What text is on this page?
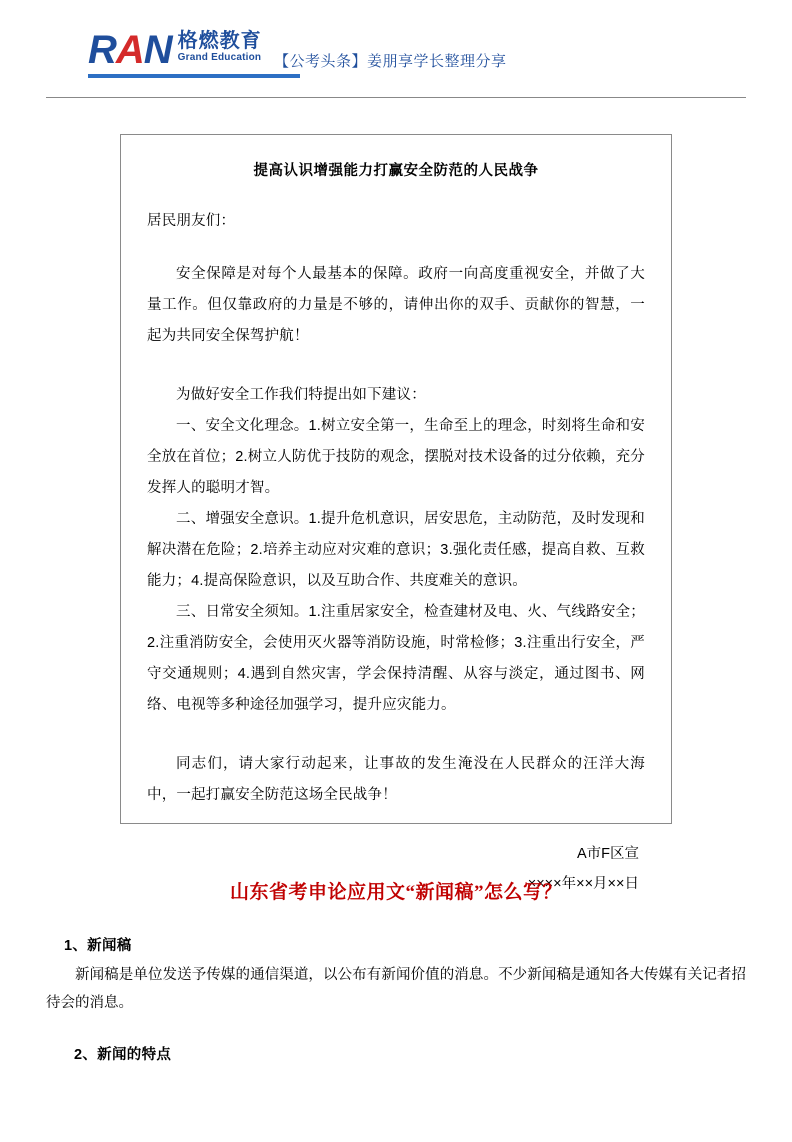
RAN 格燃教育
Grand Education 【公考头条】姜朋享学长整理分享
提高认识增强能力打赢安全防范的人民战争

居民朋友们：

安全保障是对每个人最基本的保障。政府一向高度重视安全，并做了大量工作。但仅靠政府的力量是不够的，请伸出你的双手、贡献你的智慧，一起为共同安全保驾护航！

为做好安全工作我们特提出如下建议：

一、安全文化理念。1.树立安全第一，生命至上的理念，时刻将生命和安全放在首位；2.树立人防优于技防的观念，摆脱对技术设备的过分依赖，充分发挥人的聪明才智。

二、增强安全意识。1.提升危机意识，居安思危，主动防范，及时发现和解决潜在危险；2.培养主动应对灾难的意识；3.强化责任感，提高自救、互救能力；4.提高保险意识，以及互助合作、共度难关的意识。

三、日常安全须知。1.注重居家安全，检查建材及电、火、气线路安全；2.注重消防安全，会使用灭火器等消防设施，时常检修；3.注重出行安全，严守交通规则；4.遇到自然灾害，学会保持清醒、从容与淡定，通过图书、网络、电视等多种途径加强学习，提升应灾能力。

同志们，请大家行动起来，让事故的发生淹没在人民群众的汪洋大海中，一起打赢安全防范这场全民战争！

A市F区宣
××××年××月××日
山东省考申论应用文“新闻稿”怎么写？
1、新闻稿

新闻稿是单位发送予传媒的通信渠道，以公布有新闻价值的消息。不少新闻稿是通知各大传媒有关记者招待会的消息。

2、新闻的特点
